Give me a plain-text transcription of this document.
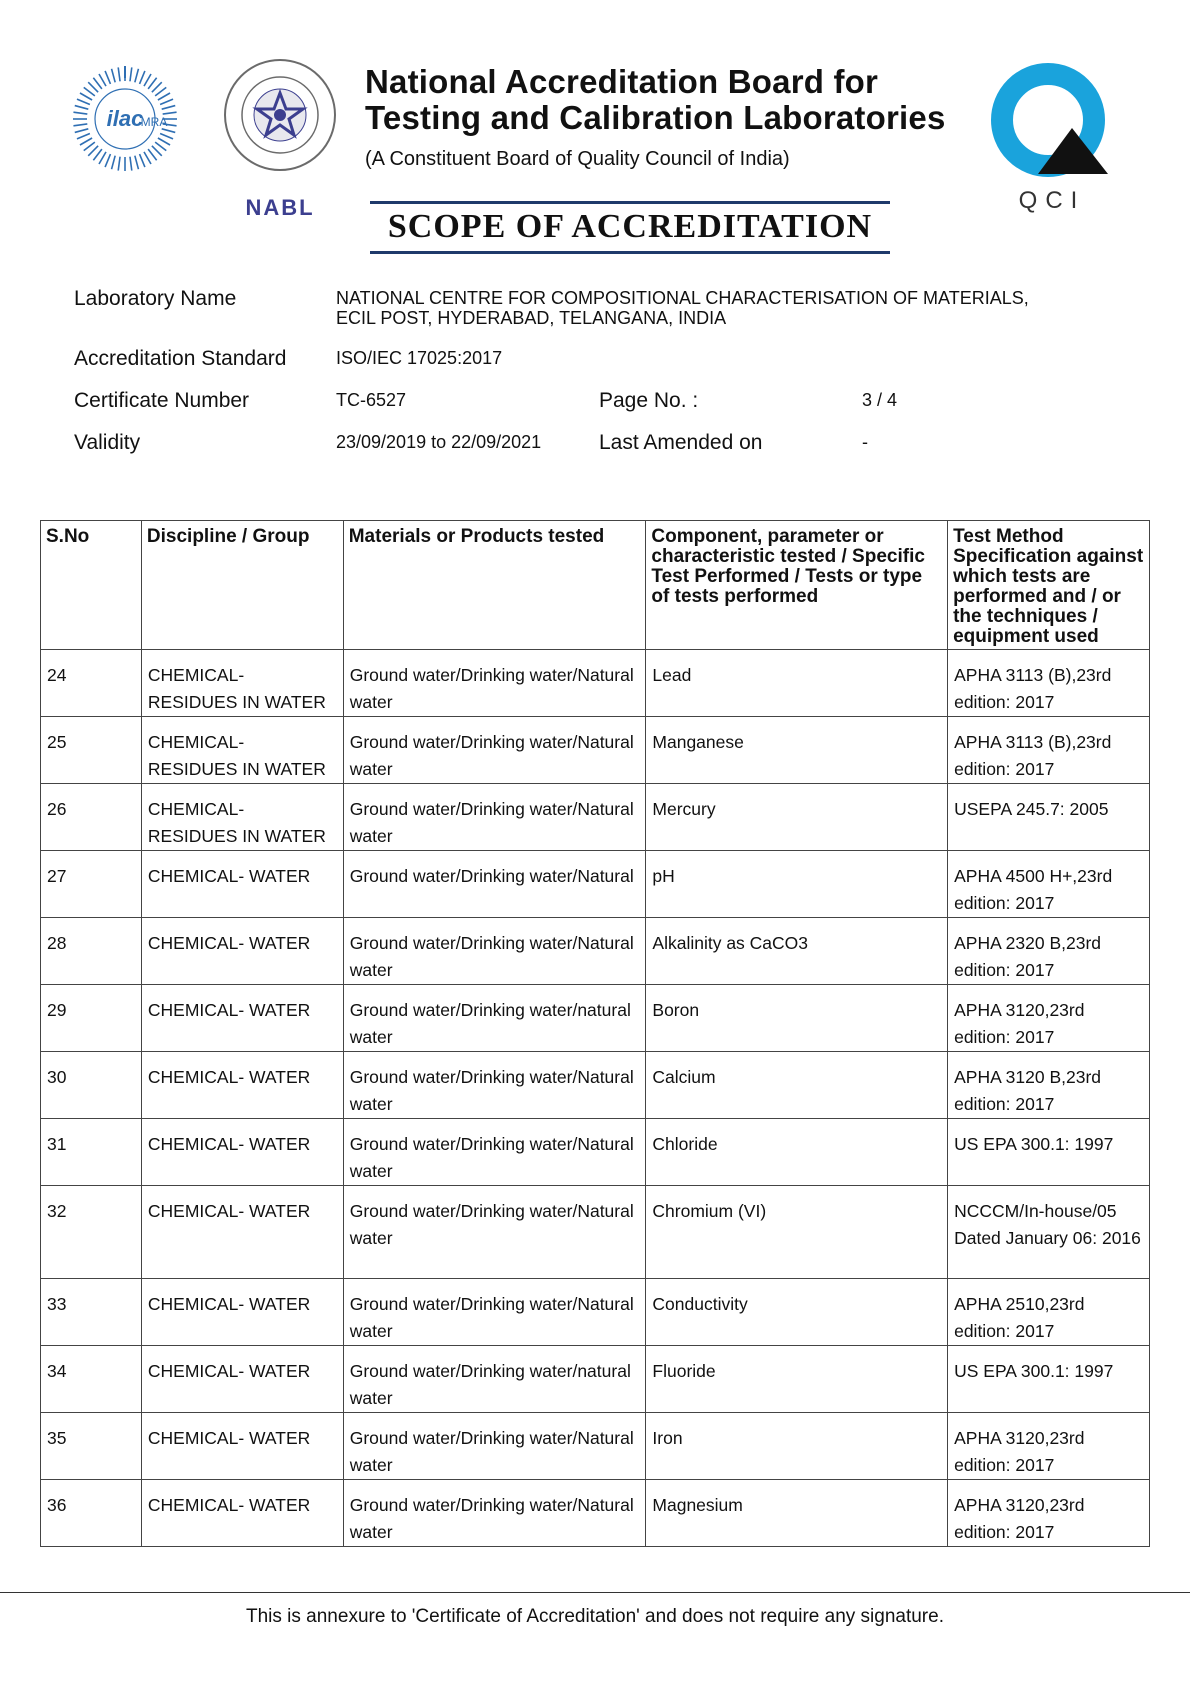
ilac
MRA
NABL
National Accreditation Board for
Testing and Calibration Laboratories
(A Constituent Board of Quality Council of India)
QCI
SCOPE OF ACCREDITATION
Laboratory Name	NATIONAL CENTRE FOR COMPOSITIONAL CHARACTERISATION OF MATERIALS,
ECIL POST, HYDERABAD, TELANGANA, INDIA
Accreditation Standard	ISO/IEC 17025:2017
Certificate Number	TC-6527	Page No. :	3 / 4
Validity	23/09/2019 to 22/09/2021	Last Amended on	-
S.No	Discipline / Group	Materials or Products tested	Component, parameter or characteristic tested / Specific Test Performed / Tests or type of tests performed	Test Method Specification against which tests are performed and / or the techniques / equipment used
24	CHEMICAL- RESIDUES IN WATER	Ground water/Drinking water/Natural water	Lead	APHA 3113 (B),23rd edition: 2017
25	CHEMICAL- RESIDUES IN WATER	Ground water/Drinking water/Natural water	Manganese	APHA 3113 (B),23rd edition: 2017
26	CHEMICAL- RESIDUES IN WATER	Ground water/Drinking water/Natural water	Mercury	USEPA 245.7: 2005
27	CHEMICAL- WATER	Ground water/Drinking water/Natural	pH	APHA 4500 H+,23rd edition: 2017
28	CHEMICAL- WATER	Ground water/Drinking water/Natural water	Alkalinity as CaCO3	APHA 2320 B,23rd edition: 2017
29	CHEMICAL- WATER	Ground water/Drinking water/natural water	Boron	APHA 3120,23rd edition: 2017
30	CHEMICAL- WATER	Ground water/Drinking water/Natural water	Calcium	APHA 3120 B,23rd edition: 2017
31	CHEMICAL- WATER	Ground water/Drinking water/Natural water	Chloride	US EPA 300.1: 1997
32	CHEMICAL- WATER	Ground water/Drinking water/Natural water	Chromium (VI)	NCCCM/In-house/05 Dated January 06: 2016
33	CHEMICAL- WATER	Ground water/Drinking water/Natural water	Conductivity	APHA 2510,23rd edition: 2017
34	CHEMICAL- WATER	Ground water/Drinking water/natural water	Fluoride	US EPA 300.1: 1997
35	CHEMICAL- WATER	Ground water/Drinking water/Natural water	Iron	APHA 3120,23rd edition: 2017
36	CHEMICAL- WATER	Ground water/Drinking water/Natural water	Magnesium	APHA 3120,23rd edition: 2017
This is annexure to 'Certificate of Accreditation' and does not require any signature.
